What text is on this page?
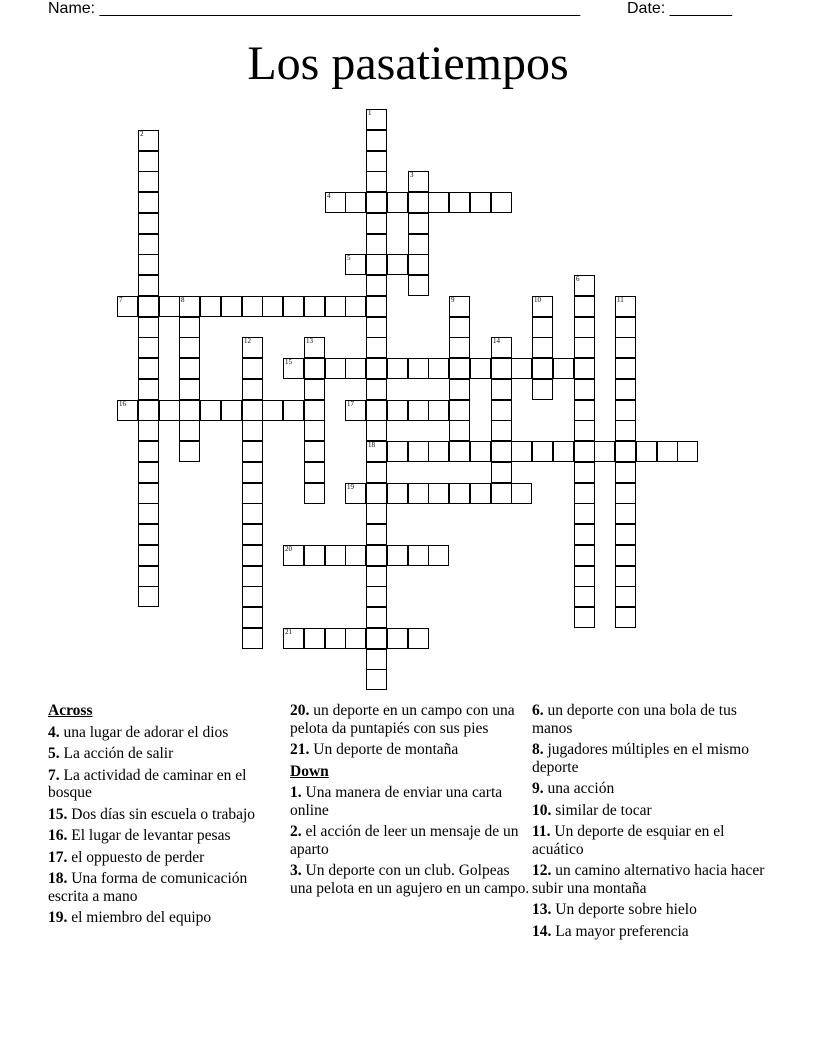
Name: ______________________________________________________	Date: _______
Los pasatiempos
1
18
2
3
4
5
6
7	8	9	10	11
12	13	14
15
16	17
19
20
21
Across
4. una lugar de adorar el dios
5. La acción de salir
7. La actividad de caminar en el bosque
15. Dos días sin escuela o trabajo
16. El lugar de levantar pesas
17. el oppuesto de perder
18. Una forma de comunicación escrita a mano
19. el miembro del equipo
20. un deporte en un campo con una pelota da puntapiés con sus pies
21. Un deporte de montaña
Down
1. Una manera de enviar una carta online
2. el acción de leer un mensaje de un aparto
3. Un deporte con un club. Golpeas una pelota en un agujero en un campo.
6. un deporte con una bola de tus manos
8. jugadores múltiples en el mismo deporte
9. una acción
10. similar de tocar
11. Un deporte de esquiar en el acuático
12. un camino alternativo hacia hacer subir una montaña
13. Un deporte sobre hielo
14. La mayor preferencia
